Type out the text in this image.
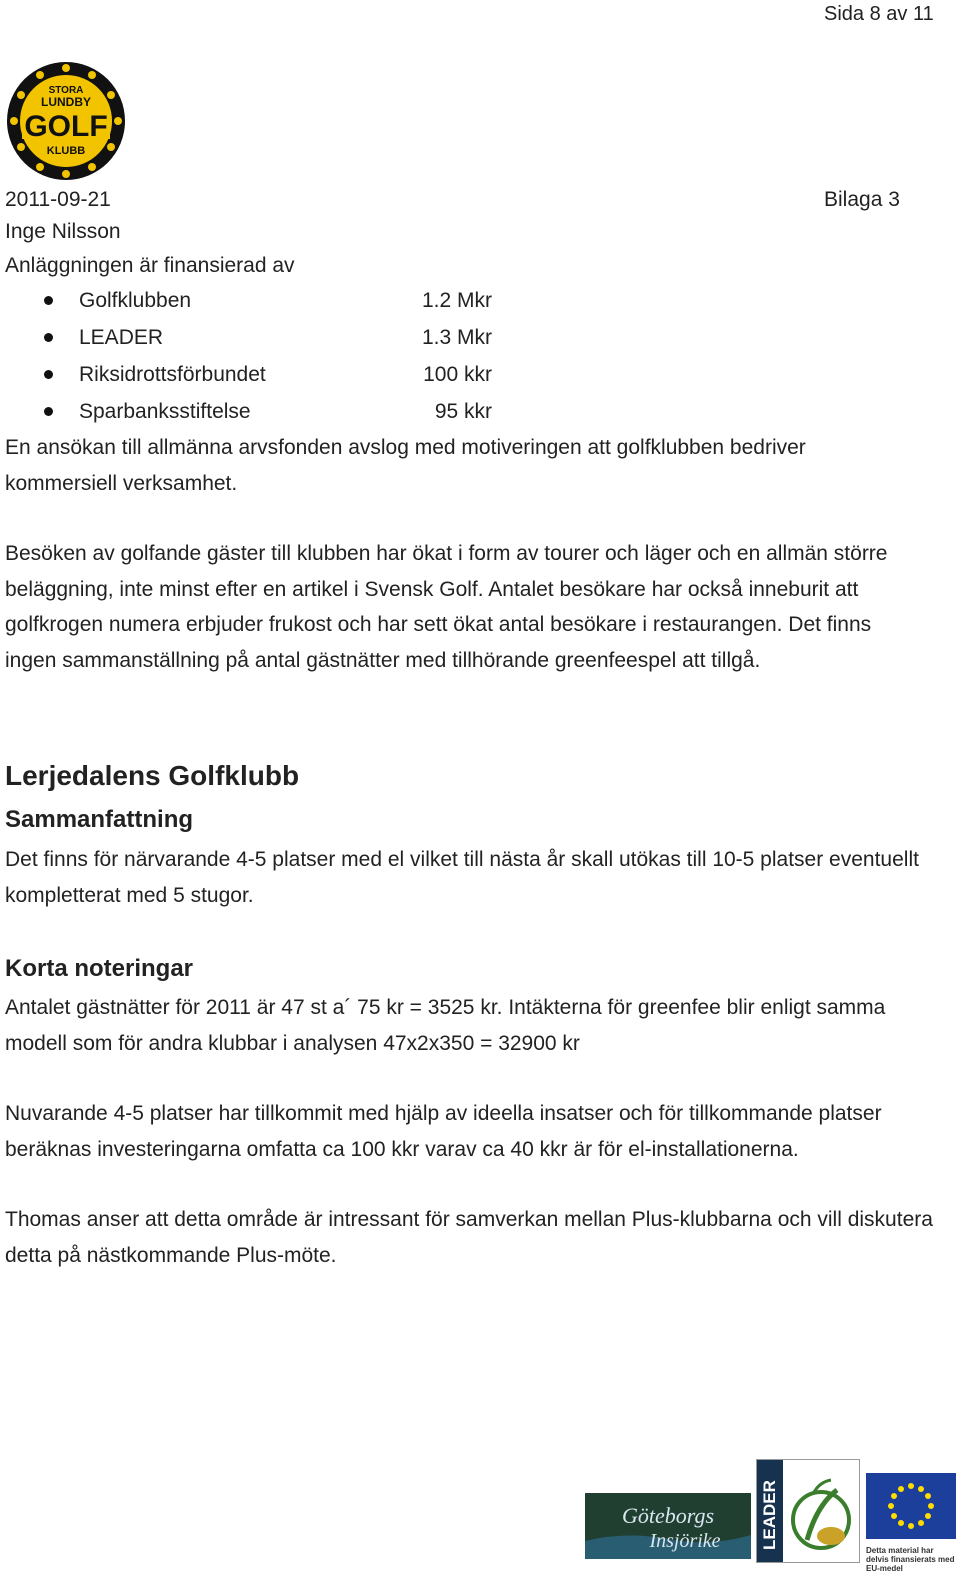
Sida 8 av 11
STORA
LUNDBY
GOLF
KLUBB
2011-09-21	Bilaga 3
Inge Nilsson
Anläggningen är finansierad av
Golfklubben	1.2 Mkr
LEADER	1.3 Mkr
Riksidrottsförbundet	100 kkr
Sparbanksstiftelse	95 kkr
En ansökan till allmänna arvsfonden avslog med motiveringen att golfklubben bedriver kommersiell verksamhet.
Besöken av golfande gäster till klubben har ökat i form av tourer och läger och en allmän större beläggning, inte minst efter en artikel i Svensk Golf. Antalet besökare har också inneburit att golfkrogen numera erbjuder frukost och har sett ökat antal besökare i restaurangen. Det finns ingen sammanställning på antal gästnätter med tillhörande greenfeespel att tillgå.
Lerjedalens Golfklubb
Sammanfattning
Det finns för närvarande 4-5 platser med el vilket till nästa år skall utökas till 10-5 platser eventuellt kompletterat med 5 stugor.
Korta noteringar
Antalet gästnätter för 2011 är 47 st a´ 75 kr = 3525 kr. Intäkterna för greenfee blir enligt samma modell som för andra klubbar i analysen 47x2x350 = 32900 kr
Nuvarande 4-5 platser har tillkommit med hjälp av ideella insatser och för tillkommande platser beräknas investeringarna omfatta ca 100 kkr varav ca 40 kkr är för el-installationerna.
Thomas anser att detta område är intressant för samverkan mellan Plus-klubbarna och vill diskutera detta på nästkommande Plus-möte.
Göteborgs
Insjörike LEADER
Detta material har delvis finansierats med EU-medel
